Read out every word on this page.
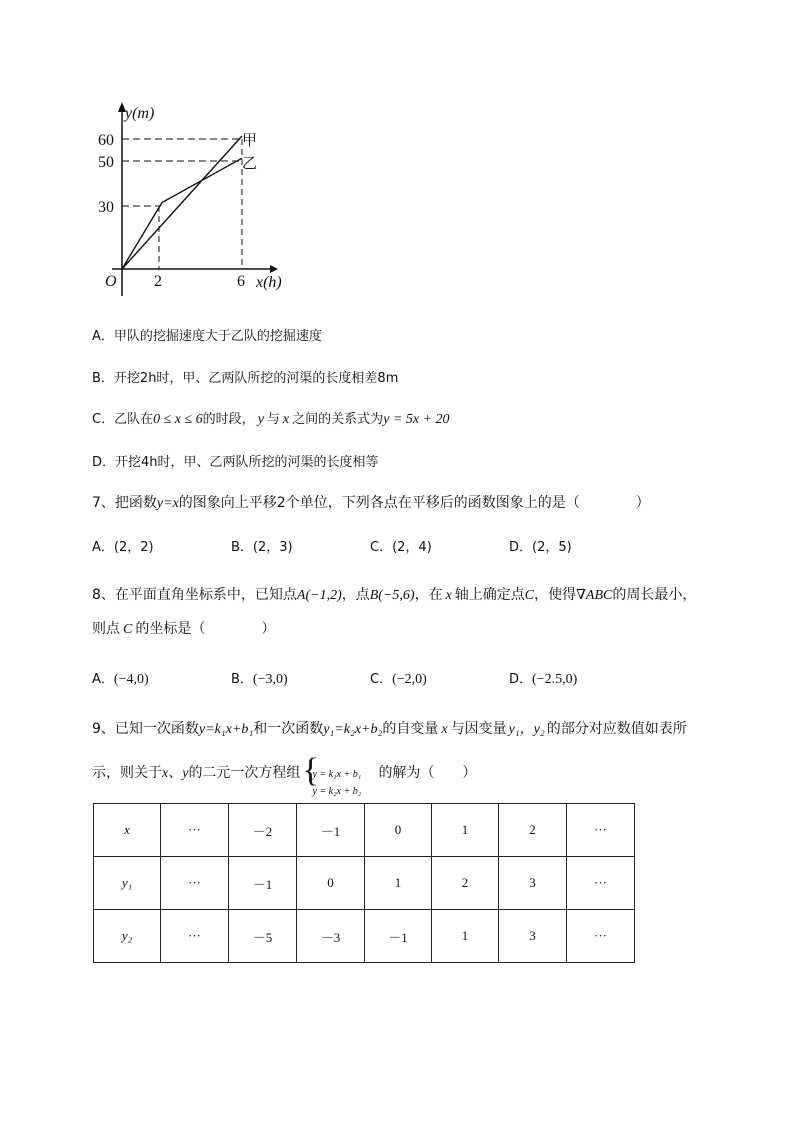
y(m)
60
50
30
O 2	6 x(h)
甲
乙
A．甲队的挖掘速度大于乙队的挖掘速度
B．开挖2h时，甲、乙两队所挖的河渠的长度相差8m
C．乙队在0 ≤ x ≤ 6的时段， y 与 x 之间的关系式为y = 5x + 20
D．开挖4h时，甲、乙两队所挖的河渠的长度相等
7、把函数y=x的图象向上平移2个单位，下列各点在平移后的函数图象上的是（　　　　）
A．(2，2)	B．(2，3)	C．(2，4)	D．(2，5)
8、在平面直角坐标系中，已知点A(−1,2)，点B(−5,6)，在 x 轴上确定点C，使得∇ABC的周长最小，
则点 C 的坐标是（　　　　）
A．(−4,0)	B．(−3,0)	C．(−2,0)	D．(−2.5,0)
9、已知一次函数y=k₁x+b₁和一次函数y₁=k₂x+b₂的自变量 x 与因变量 y₁，y₂ 的部分对应数值如表所
示，则关于x、y的二元一次方程组 {
y = k₁x + b₁
y = k₂x + b₂
的解为（　　）
x	···	－2	－1	0	1	2	···
y₁	···	－1	0	1	2	3	···
y₂	···	－5	－3	－1	1	3	···
